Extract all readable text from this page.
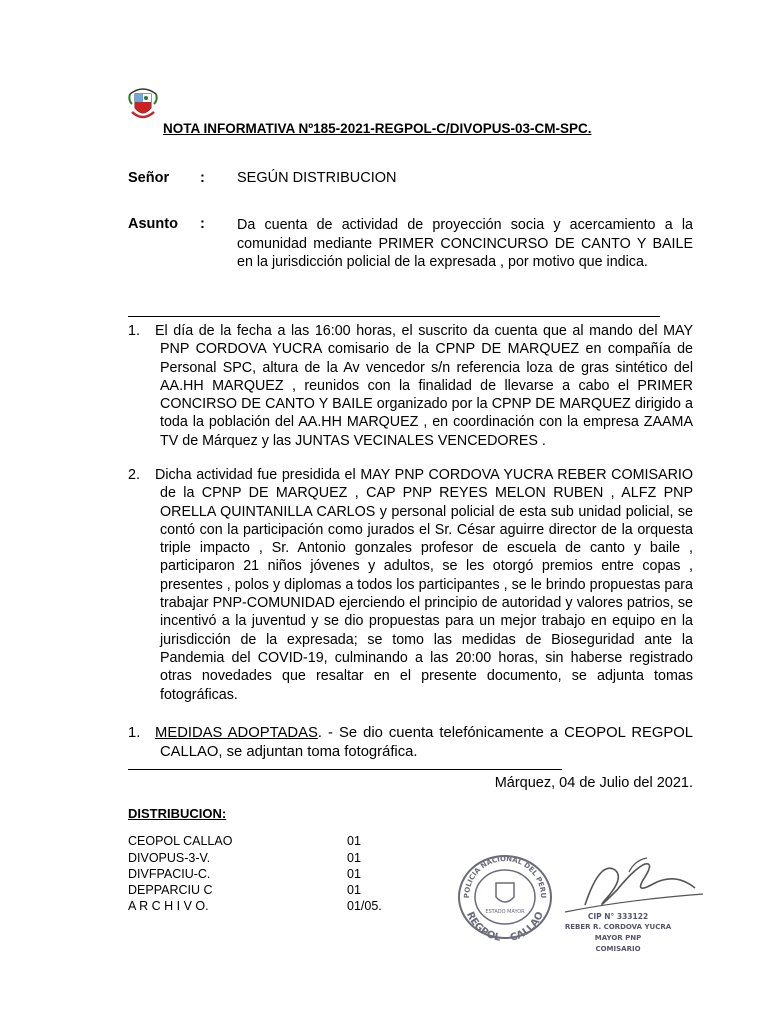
NOTA INFORMATIVA Nº185-2021-REGPOL-C/DIVOPUS-03-CM-SPC.
Señor : SEGÚN DISTRIBUCION
Asunto : Da cuenta de actividad de proyección socia y acercamiento a la comunidad mediante PRIMER CONCINCURSO DE CANTO Y BAILE en la jurisdicción policial de la expresada , por motivo que indica.
1. El día de la fecha a las 16:00 horas, el suscrito da cuenta que al mando del MAY PNP CORDOVA YUCRA comisario de la CPNP DE MARQUEZ en compañía de Personal SPC, altura de la Av vencedor s/n referencia loza de gras sintético del AA.HH MARQUEZ , reunidos con la finalidad de llevarse a cabo el PRIMER CONCIRSO DE CANTO Y BAILE organizado por la CPNP DE MARQUEZ dirigido a toda la población del AA.HH MARQUEZ , en coordinación con la empresa ZAAMA TV de Márquez y las JUNTAS VECINALES VENCEDORES .
2. Dicha actividad fue presidida el MAY PNP CORDOVA YUCRA REBER COMISARIO de la CPNP DE MARQUEZ , CAP PNP REYES MELON RUBEN , ALFZ PNP ORELLA QUINTANILLA CARLOS y personal policial de esta sub unidad policial, se contó con la participación como jurados el Sr. César aguirre director de la orquesta triple impacto , Sr. Antonio gonzales profesor de escuela de canto y baile , participaron 21 niños jóvenes y adultos, se les otorgó premios entre copas , presentes , polos y diplomas a todos los participantes , se le brindo propuestas para trabajar PNP-COMUNIDAD ejerciendo el principio de autoridad y valores patrios, se incentivó a la juventud y se dio propuestas para un mejor trabajo en equipo en la jurisdicción de la expresada; se tomo las medidas de Bioseguridad ante la Pandemia del COVID-19, culminando a las 20:00 horas, sin haberse registrado otras novedades que resaltar en el presente documento, se adjunta tomas fotográficas.
1. MEDIDAS ADOPTADAS. - Se dio cuenta telefónicamente a CEOPOL REGPOL CALLAO, se adjuntan toma fotográfica.
Márquez, 04 de Julio del 2021.
DISTRIBUCION:
CEOPOL CALLAO	01
DIVOPUS-3-V.	01
DIVFPACIU-C.	01
DEPPARCIU C	01
A R C H I V O.	01/05.
POLICIA NACIONAL DEL PERU
REGPOL - CALLAO
ESTADO MAYOR	CIP N° 333122
REBER R. CORDOVA YUCRA
MAYOR PNP
COMISARIO
